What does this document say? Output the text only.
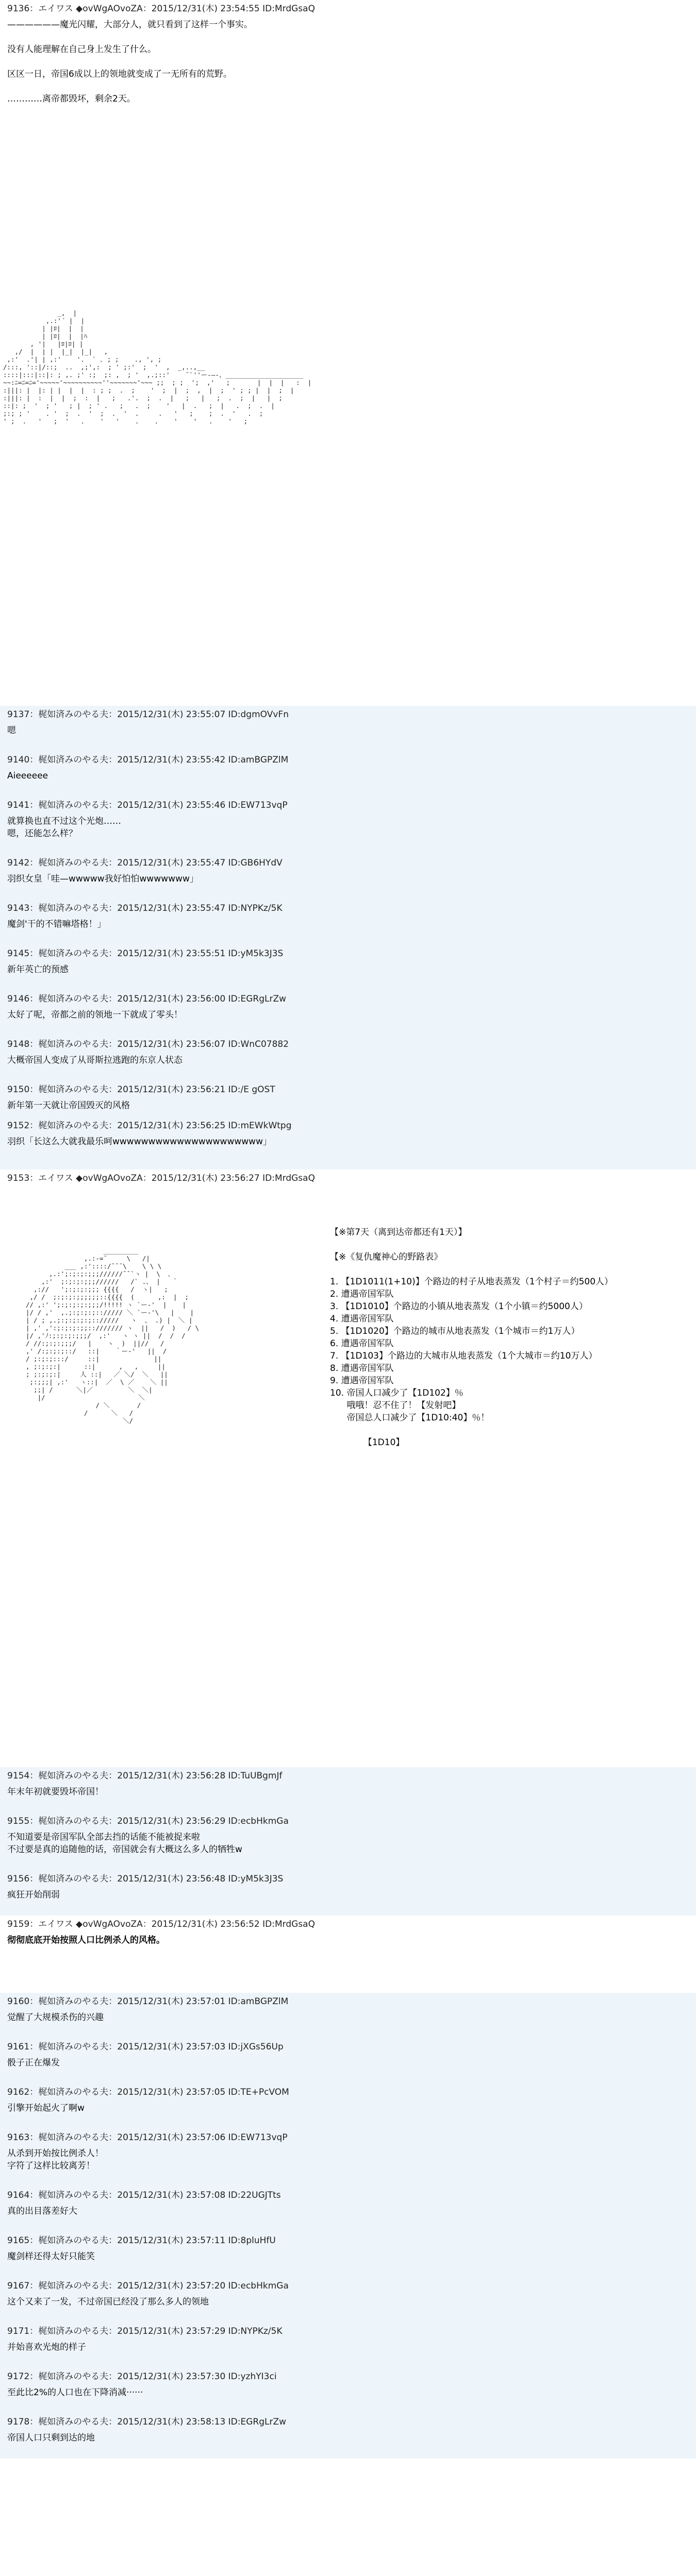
9136：エイワス ◆ovWgAOvoZA：2015/12/31(木) 23:54:55 ID:MrdGsaQ
——————魔光闪耀，大部分人，就只看到了这样一个事实。
没有人能理解在自己身上发生了什么。
区区一日，帝国6成以上的领地就变成了一无所有的荒野。
…………离帝都毁坏，剩余2天。
_,  |
,.:'´ |  |
| |ﾛ|  |  |
| |ﾛ|  |  |ﾊ
, '|   |ﾛ|ﾛ| |
,/  |  | |  |_|  |_|   ,
,:'  .'| | ,:'    '.  ` ､ ; ;    ., ', ;
/:::, '::|/::;  ..  ,;',:  ; ' ;:'  ;  '  ,  _,..,__
::::|:::|::|: ; ,. ;' :;  ;: ,  ; '  ,.;::'    ¯`''ー-―-、____________________
~~:ﾆ=ﾆ=ﾆ='~~~~~'~~~~~~~~~~''~~~~~~~'~~~ ;;  ; ;  ';  ,'   ;       |  |  |   :  |
:|||: |  |: | |  |  |  : ; ;  .  ;    '  ;  |  ;  ,  |  ;  ' ; ; |  |  ;  |
:|||: |  :  |  |  ;  :  |   ;   .'.  ;  .  |   ;   |   ;  .  ;  |   |  ;
::|: ;  '  ; '   ; |  ; ' .   ;   .  ;    '   |  .   ;  |   .  ;  .  |
;:; ; '    . '  ;  .  '  ;  .  '  .     .   '   ;    ;  .  '   .  ;
' ;  .   '   ;  '   .    '   '    .    .    '    '   .    '   ;
9137：梶如済みのやる夫：2015/12/31(木) 23:55:07 ID:dgmOVvFn
嗯
9140：梶如済みのやる夫：2015/12/31(木) 23:55:42 ID:amBGPZlM
Aieeeeee
9141：梶如済みのやる夫：2015/12/31(木) 23:55:46 ID:EW713vqP
就算换也直不过这个光炮……
嗯，还能怎么样？
9142：梶如済みのやる夫：2015/12/31(木) 23:55:47 ID:GB6HYdV
羽织女皇「哇—wwwww我好怕怕wwwwwww」
9143：梶如済みのやる夫：2015/12/31(木) 23:55:47 ID:NYPKz/5K
魔剑'干的不错嘛塔格！」
9145：梶如済みのやる夫：2015/12/31(木) 23:55:51 ID:yM5k3J3S
新年英亡的预感
9146：梶如済みのやる夫：2015/12/31(木) 23:56:00 ID:EGRgLrZw
太好了呢，帝都之前的领地一下就成了零头！
9148：梶如済みのやる夫：2015/12/31(木) 23:56:07 ID:WnC07882
大概帝国人变成了从哥斯拉逃跑的东京人状态
9150：梶如済みのやる夫：2015/12/31(木) 23:56:21 ID:/E gOST
新年第一天就让帝国毁灭的风格
9152：梶如済みのやる夫：2015/12/31(木) 23:56:25 ID:mEWkWtpg
羽织「长这么大就我最乐呵wwwwwwwwwwwwwwwwwwwww」
9153：エイワス ◆ovWgAOvoZA：2015/12/31(木) 23:56:27 ID:MrdGsaQ
_________
,.:-=¯     \   /|
___ ,:'::::/¯¯¯\    \ \ \
,.:';:;:;:;;;//////¯¯`ヽ |  \  ､
,:'  ;:;:;:;;;//////   /` .、 |   ｀
,://   ';:;:;:;;; {{{{   /  ヽ|   ;
,/ /  ;:;:;:;;;;;;::{{{{  (      ,:  |  ;
// ,:' ';:;:;:;:;;;/!!!!! ヽ `ー‐'  |    |
|/ / ,'  ,.;:;:;:;::///// ＼ `ー‐'\   |    |
| / ; ,.;:;:;:;:;:://///   ヽ  、 .) |  ＼ |
| ,' ,':;:;:;:;;:://///// ヽ  ||   /  )   / \
|/ ,'ﾉ:;:;:;:;;;/  ,:'   ヽ ヽ ||  /  /  /
/ //:;:;:;;;/   |    ヽ  )  ||//   /
,' /:;:;:;::/   ::|    ｀ー‐'   ||  /
/ ;:;:;:::/     ::|              ||
, ;:;:;:|      ::|      ,   ,     ||
; ;:;:;:|     人 ::|   ／ ＼/  ＼   ||
;:;;;| ,:'   ヽ::|  ／  \ ／    ＼ ||
;;| /      ＼|／         ＼  ＼|
|/                        ＼
/ ＼       /
/      ＼   /
＼/
【※第7天（离到达帝都还有1天）】
【※《复仇魔神心的野路表》
1. 【1D1011(1+10)】个路边的村子从地表蒸发（1个村子＝约500人）
2. 遭遇帝国军队
3. 【1D1010】个路边的小镇从地表蒸发（1个小镇＝约5000人）
4. 遭遇帝国军队
5. 【1D1020】个路边的城市从地表蒸发（1个城市＝约1万人）
6. 遭遇帝国军队
7. 【1D103】个路边的大城市从地表蒸发（1个大城市＝约10万人）
8. 遭遇帝国军队
9. 遭遇帝国军队
10. 帝国人口减少了【1D102】％
哦哦！忍不住了！【发射吧】
帝国总人口减少了【1D10:40】％！
【1D10】
9154：梶如済みのやる夫：2015/12/31(木) 23:56:28 ID:TuUBgmJf
年末年初就要毁坏帝国！
9155：梶如済みのやる夫：2015/12/31(木) 23:56:29 ID:ecbHkmGa
不知道要是帝国军队全部去挡的话能不能被捉来啦
不过要是真的追随他的话，帝国就会有大概这么多人的牺牲w
9156：梶如済みのやる夫：2015/12/31(木) 23:56:48 ID:yM5k3J3S
疯狂开始削弱
9159：エイワス ◆ovWgAOvoZA：2015/12/31(木) 23:56:52 ID:MrdGsaQ
彻彻底底开始按照人口比例杀人的风格。
9160：梶如済みのやる夫：2015/12/31(木) 23:57:01 ID:amBGPZlM
觉醒了大规模杀伤的兴趣
9161：梶如済みのやる夫：2015/12/31(木) 23:57:03 ID:jXGs56Up
骰子正在爆发
9162：梶如済みのやる夫：2015/12/31(木) 23:57:05 ID:TE+PcVOM
引擎开始起火了啊w
9163：梶如済みのやる夫：2015/12/31(木) 23:57:06 ID:EW713vqP
从杀到开始按比例杀人！
字符了这样比较离芳！
9164：梶如済みのやる夫：2015/12/31(木) 23:57:08 ID:22UGJTts
真的出目落差好大
9165：梶如済みのやる夫：2015/12/31(木) 23:57:11 ID:8pluHfU
魔剑样还得太好只能笑
9167：梶如済みのやる夫：2015/12/31(木) 23:57:20 ID:ecbHkmGa
这个又来了一发，不过帝国已经没了那么多人的领地
9171：梶如済みのやる夫：2015/12/31(木) 23:57:29 ID:NYPKz/5K
并始喜欢光炮的样子
9172：梶如済みのやる夫：2015/12/31(木) 23:57:30 ID:yzhYI3ci
至此比2%的人口也在下降消减······
9178：梶如済みのやる夫：2015/12/31(木) 23:58:13 ID:EGRgLrZw
帝国人口只剩到达的地
